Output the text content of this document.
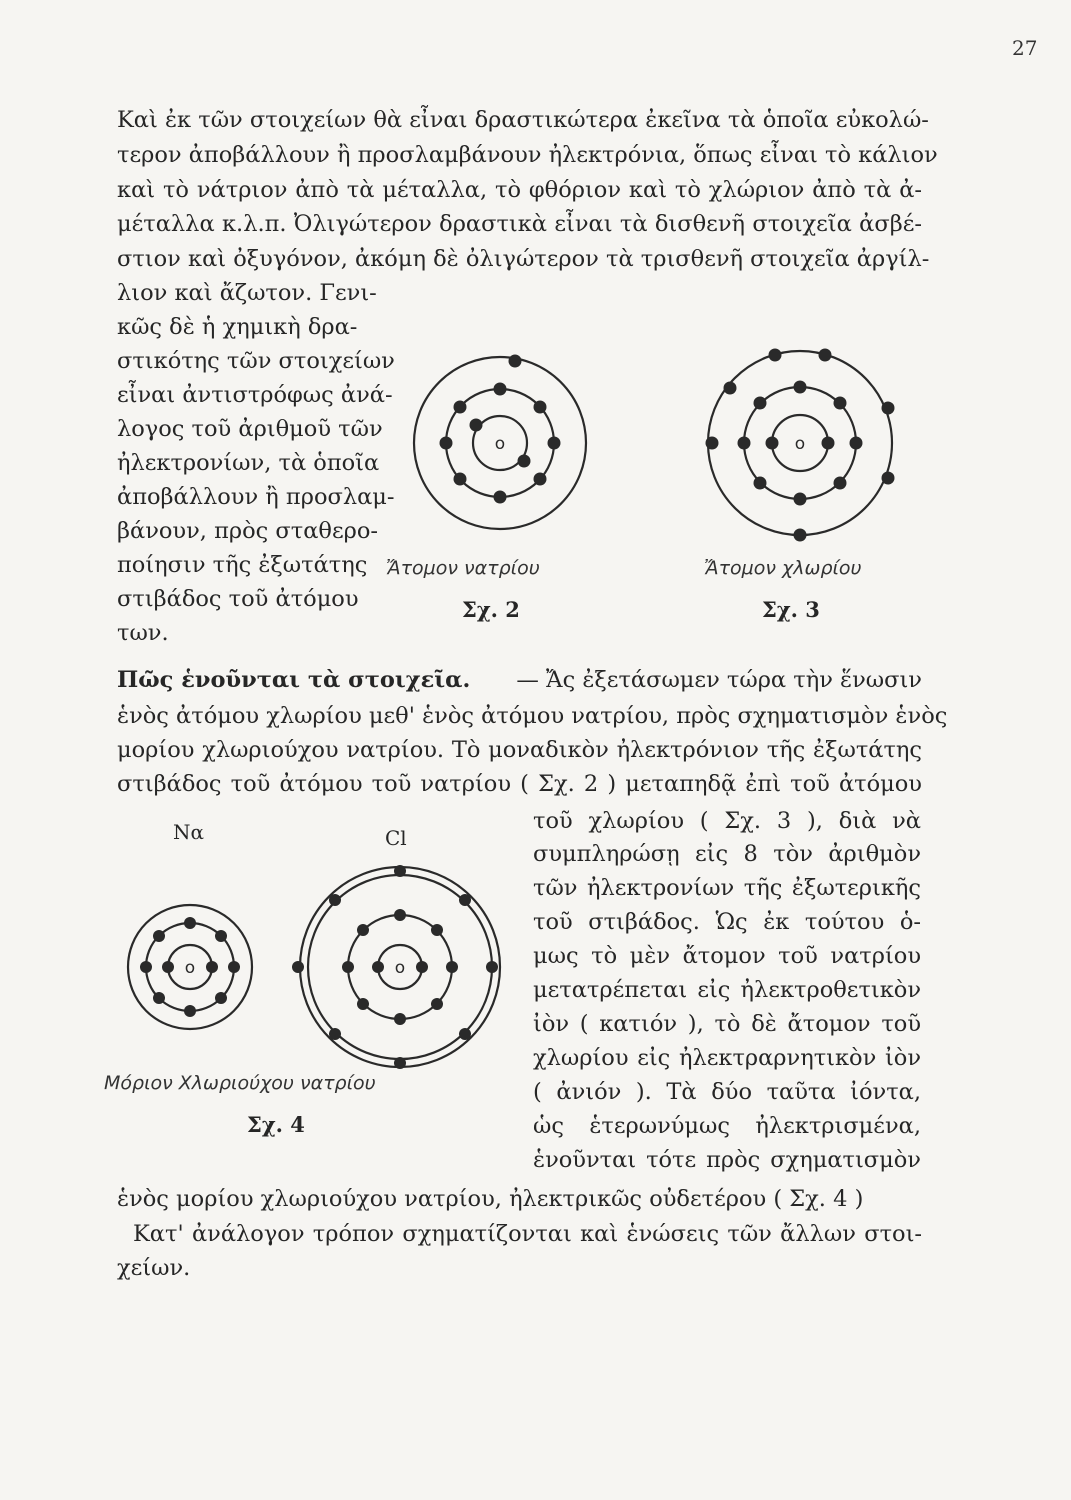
27
Καὶ ἐκ τῶν στοιχείων θὰ εἶναι δραστικώτερα ἐκεῖνα τὰ ὁποῖα εὐκολώ-
τερον ἀποβάλλουν ἢ προσλαμβάνουν ἠλεκτρόνια, ὅπως εἶναι τὸ κάλιον
καὶ τὸ νάτριον ἀπὸ τὰ μέταλλα, τὸ φθόριον καὶ τὸ χλώριον ἀπὸ τὰ ἀ-
μέταλλα κ.λ.π. Ὀλιγώτερον δραστικὰ εἶναι τὰ δισθενῆ στοιχεῖα ἀσβέ-
στιον καὶ ὀξυγόνον, ἀκόμη δὲ ὀλιγώτερον τὰ τρισθενῆ στοιχεῖα ἀργίλ-
λιον καὶ ἄζωτον. Γενι-
κῶς δὲ ἡ χημικὴ δρα-
στικότης τῶν στοιχείων
εἶναι ἀντιστρόφως ἀνά-
λογος τοῦ ἀριθμοῦ τῶν
ἠλεκτρονίων, τὰ ὁποῖα
ἀποβάλλουν ἢ προσλαμ-
βάνουν, πρὸς σταθερο-
ποίησιν τῆς ἐξωτάτης
στιβάδος τοῦ ἀτόμου
των.
o
Ἄτομον νατρίου
Σχ. 2
o
Ἄτομον χλωρίου
Σχ. 3
Πῶς ἑνοῦνται τὰ στοιχεῖα. — Ἄς ἐξετάσωμεν τώρα τὴν ἕνωσιν
ἑνὸς ἀτόμου χλωρίου μεθ' ἑνὸς ἀτόμου νατρίου, πρὸς σχηματισμὸν ἑνὸς
μορίου χλωριούχου νατρίου. Τὸ μοναδικὸν ἠλεκτρόνιον τῆς ἐξωτάτης
στιβάδος τοῦ ἀτόμου τοῦ νατρίου ( Σχ. 2 ) μεταπηδᾷ ἐπὶ τοῦ ἀτόμου
τοῦ χλωρίου ( Σχ. 3 ), διὰ νὰ
συμπληρώσῃ εἰς 8 τὸν ἀριθμὸν
τῶν ἠλεκτρονίων τῆς ἐξωτερικῆς
τοῦ στιβάδος. Ὡς ἐκ τούτου ὁ-
μως τὸ μὲν ἄτομον τοῦ νατρίου
μετατρέπεται εἰς ἠλεκτροθετικὸν
ἰὸν ( κατιόν ), τὸ δὲ ἄτομον τοῦ
χλωρίου εἰς ἠλεκτραρνητικὸν ἰὸν
( ἀνιόν ). Τὰ δύο ταῦτα ἰόντα,
ὡς ἑτερωνύμως ἠλεκτρισμένα,
ἑνοῦνται τότε πρὸς σχηματισμὸν
Να	Cl
o	o
Μόριον Χλωριούχου νατρίου
Σχ. 4
ἑνὸς μορίου χλωριούχου νατρίου, ἠλεκτρικῶς οὐδετέρου ( Σχ. 4 )
Κατ' ἀνάλογον τρόπον σχηματίζονται καὶ ἑνώσεις τῶν ἄλλων στοι-
χείων.
